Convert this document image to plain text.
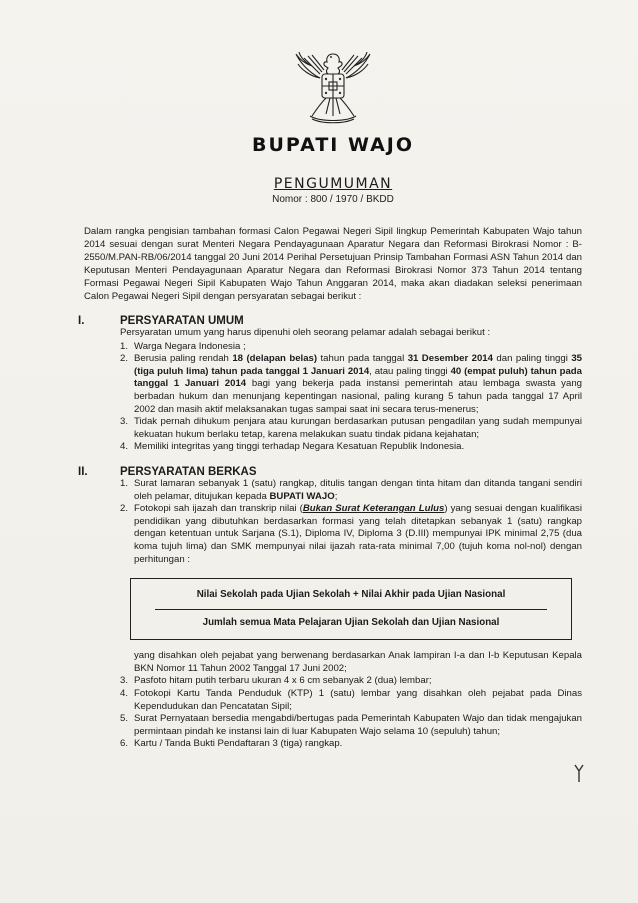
BUPATI WAJO
PENGUMUMAN
Nomor : 800 / 1970 / BKDD
Dalam rangka pengisian tambahan formasi Calon Pegawai Negeri Sipil lingkup Pemerintah Kabupaten Wajo tahun 2014 sesuai dengan surat Menteri Negara Pendayagunaan Aparatur Negara dan Reformasi Birokrasi Nomor : B-2550/M.PAN-RB/06/2014 tanggal 20 Juni 2014 Perihal Persetujuan Prinsip Tambahan Formasi ASN Tahun 2014 dan Keputusan Menteri Pendayagunaan Aparatur Negara dan Reformasi Birokrasi Nomor 373 Tahun 2014 tentang Formasi Pegawai Negeri Sipil Kabupaten Wajo Tahun Anggaran 2014, maka akan diadakan seleksi penerimaan Calon Pegawai Negeri Sipil dengan persyaratan sebagai berikut :
I.	PERSYARATAN UMUM
Persyaratan umum yang harus dipenuhi oleh seorang pelamar adalah sebagai berikut :
1. Warga Negara Indonesia ;
2. Berusia paling rendah 18 (delapan belas) tahun pada tanggal 31 Desember 2014 dan paling tinggi 35 (tiga puluh lima) tahun pada tanggal 1 Januari 2014, atau paling tinggi 40 (empat puluh) tahun pada tanggal 1 Januari 2014 bagi yang bekerja pada instansi pemerintah atau lembaga swasta yang berbadan hukum dan menunjang kepentingan nasional, paling kurang 5 tahun pada tanggal 17 April 2002 dan masih aktif melaksanakan tugas sampai saat ini secara terus-menerus;
3. Tidak pernah dihukum penjara atau kurungan berdasarkan putusan pengadilan yang sudah mempunyai kekuatan hukum berlaku tetap, karena melakukan suatu tindak pidana kejahatan;
4. Memiliki integritas yang tinggi terhadap Negara Kesatuan Republik Indonesia.
II.	PERSYARATAN BERKAS
1. Surat lamaran sebanyak 1 (satu) rangkap, ditulis tangan dengan tinta hitam dan ditanda tangani sendiri oleh pelamar, ditujukan kepada BUPATI WAJO;
2. Fotokopi sah ijazah dan transkrip nilai (Bukan Surat Keterangan Lulus) yang sesuai dengan kualifikasi pendidikan yang dibutuhkan berdasarkan formasi yang telah ditetapkan sebanyak 1 (satu) rangkap dengan ketentuan untuk Sarjana (S.1), Diploma IV, Diploma 3 (D.III) mempunyai IPK minimal 2,75 (dua koma tujuh lima) dan SMK mempunyai nilai ijazah rata-rata minimal 7,00 (tujuh koma nol-nol) dengan perhitungan :
Nilai Sekolah pada Ujian Sekolah + Nilai Akhir pada Ujian Nasional
Jumlah semua Mata Pelajaran Ujian Sekolah dan Ujian Nasional
yang disahkan oleh pejabat yang berwenang berdasarkan Anak lampiran I-a dan I-b Keputusan Kepala BKN Nomor 11 Tahun 2002 Tanggal 17 Juni 2002;
3. Pasfoto hitam putih terbaru ukuran 4 x 6 cm sebanyak 2 (dua) lembar;
4. Fotokopi Kartu Tanda Penduduk (KTP) 1 (satu) lembar yang disahkan oleh pejabat pada Dinas Kependudukan dan Pencatatan Sipil;
5. Surat Pernyataan bersedia mengabdi/bertugas pada Pemerintah Kabupaten Wajo dan tidak mengajukan permintaan pindah ke instansi lain di luar Kabupaten Wajo selama 10 (sepuluh) tahun;
6. Kartu / Tanda Bukti Pendaftaran 3 (tiga) rangkap.
